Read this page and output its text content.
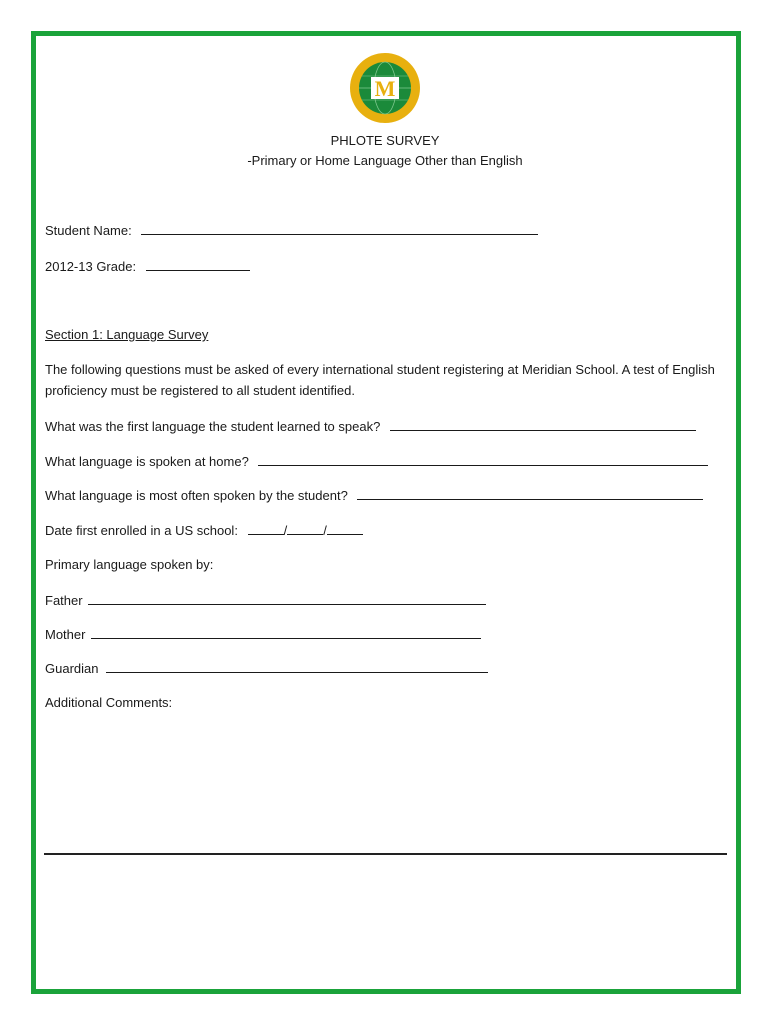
M
PHLOTE SURVEY
-Primary or Home Language Other than English
Student Name:
2012-13 Grade:
Section 1: Language Survey
The following questions must be asked of every international student registering at Meridian School. A test of English proficiency must be registered to all student identified.
What was the first language the student learned to speak?
What language is spoken at home?
What language is most often spoken by the student?
Date first enrolled in a US school:	/	/
Primary language spoken by:
Father
Mother
Guardian
Additional Comments:
